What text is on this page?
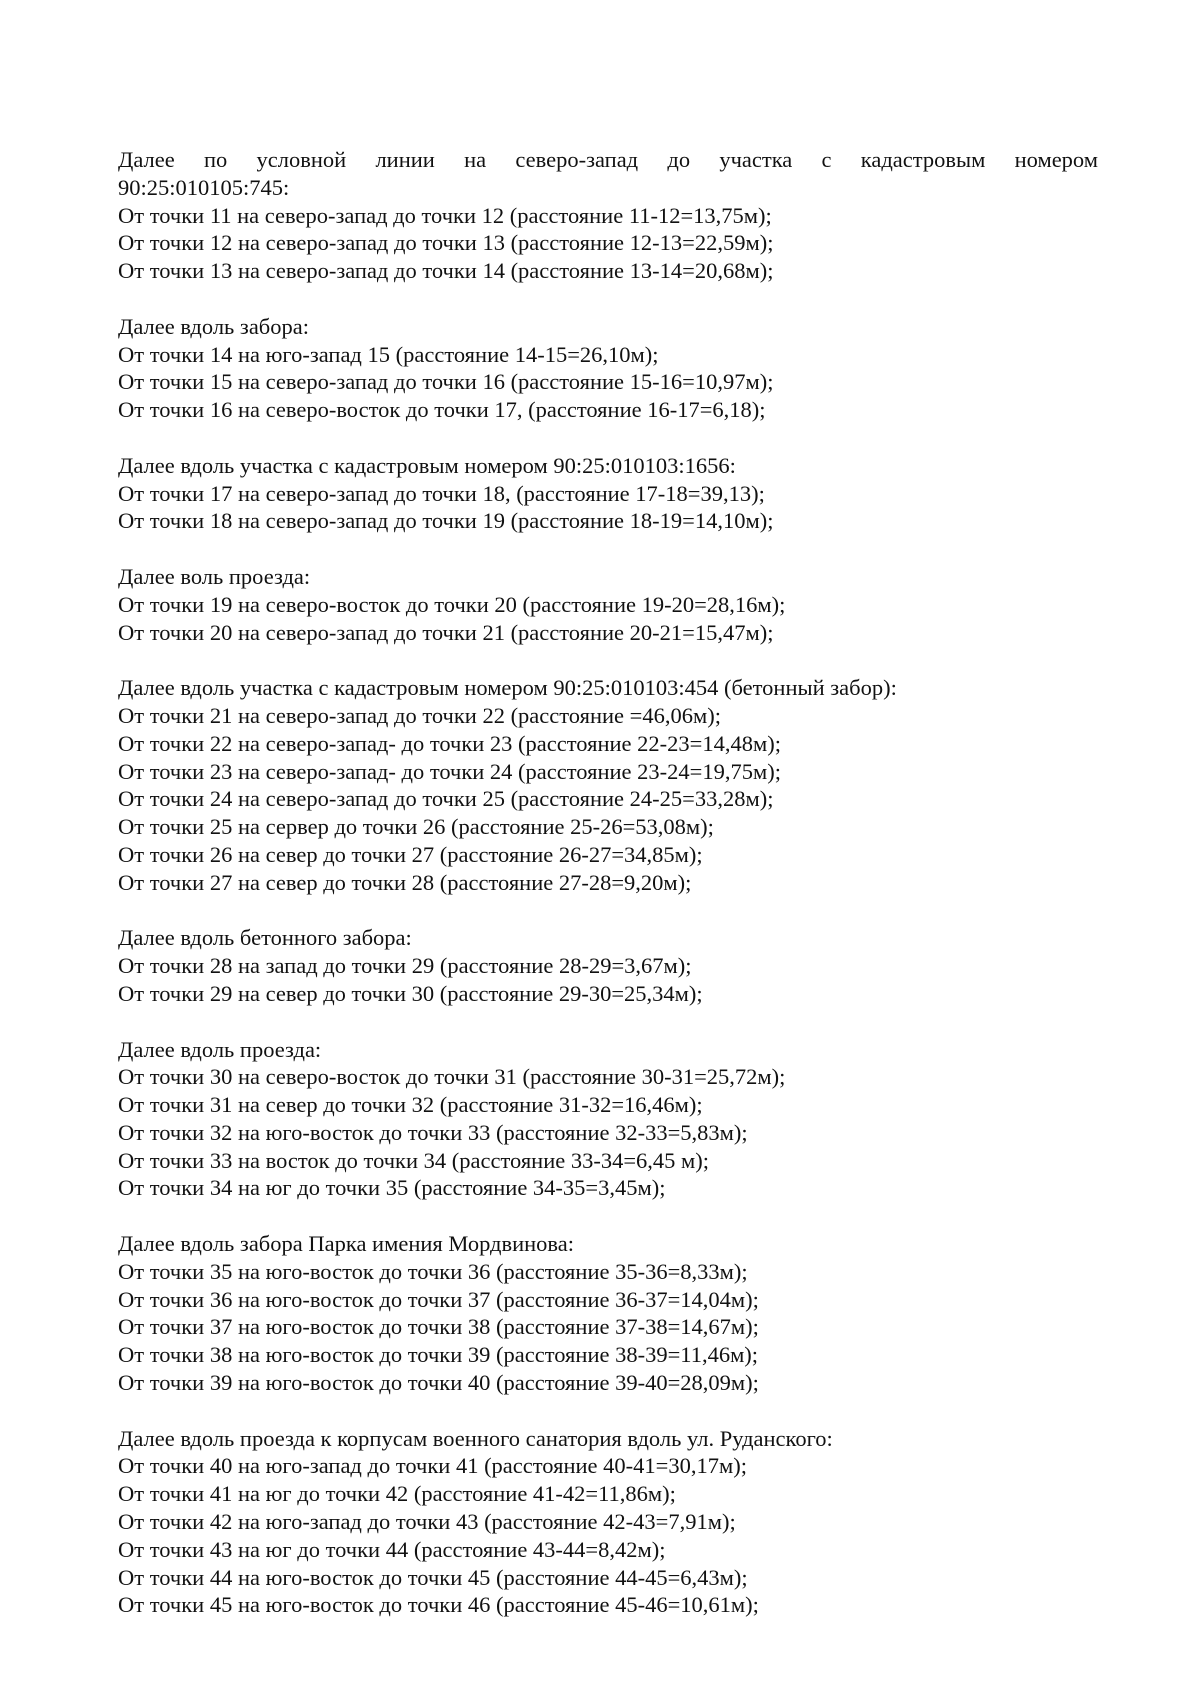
Далее по условной линии на северо-запад до участка с кадастровым номером
90:25:010105:745:
От точки 11 на северо-запад до точки 12 (расстояние 11-12=13,75м);
От точки 12 на северо-запад до точки 13 (расстояние 12-13=22,59м);
От точки 13 на северо-запад до точки 14 (расстояние 13-14=20,68м);
Далее вдоль забора:
От точки 14 на юго-запад 15 (расстояние 14-15=26,10м);
От точки 15 на северо-запад до точки 16 (расстояние 15-16=10,97м);
От точки 16 на северо-восток до точки 17, (расстояние 16-17=6,18);
Далее вдоль участка с кадастровым номером 90:25:010103:1656:
От точки 17 на северо-запад до точки 18, (расстояние 17-18=39,13);
От точки 18 на северо-запад до точки 19 (расстояние 18-19=14,10м);
Далее воль проезда:
От точки 19 на северо-восток до точки 20 (расстояние 19-20=28,16м);
От точки 20 на северо-запад до точки 21 (расстояние 20-21=15,47м);
Далее вдоль участка с кадастровым номером 90:25:010103:454 (бетонный забор):
От точки 21 на северо-запад до точки 22 (расстояние =46,06м);
От точки 22 на северо-запад- до точки 23 (расстояние 22-23=14,48м);
От точки 23 на северо-запад- до точки 24 (расстояние 23-24=19,75м);
От точки 24 на северо-запад до точки 25 (расстояние 24-25=33,28м);
От точки 25 на сервер до точки 26 (расстояние 25-26=53,08м);
От точки 26 на север до точки 27 (расстояние 26-27=34,85м);
От точки 27 на север до точки 28 (расстояние 27-28=9,20м);
Далее вдоль бетонного забора:
От точки 28 на запад до точки 29 (расстояние 28-29=3,67м);
От точки 29 на север до точки 30 (расстояние 29-30=25,34м);
Далее вдоль проезда:
От точки 30 на северо-восток до точки 31 (расстояние 30-31=25,72м);
От точки 31 на север до точки 32 (расстояние 31-32=16,46м);
От точки 32 на юго-восток до точки 33 (расстояние 32-33=5,83м);
От точки 33 на восток до точки 34 (расстояние 33-34=6,45 м);
От точки 34 на юг до точки 35 (расстояние 34-35=3,45м);
Далее вдоль забора Парка имения Мордвинова:
От точки 35 на юго-восток до точки 36 (расстояние 35-36=8,33м);
От точки 36 на юго-восток до точки 37 (расстояние 36-37=14,04м);
От точки 37 на юго-восток до точки 38 (расстояние 37-38=14,67м);
От точки 38 на юго-восток до точки 39 (расстояние 38-39=11,46м);
От точки 39 на юго-восток до точки 40 (расстояние 39-40=28,09м);
Далее вдоль проезда к корпусам военного санатория вдоль ул. Руданского:
От точки 40 на юго-запад до точки 41 (расстояние 40-41=30,17м);
От точки 41 на юг до точки 42 (расстояние 41-42=11,86м);
От точки 42 на юго-запад до точки 43 (расстояние 42-43=7,91м);
От точки 43 на юг до точки 44 (расстояние 43-44=8,42м);
От точки 44 на юго-восток до точки 45 (расстояние 44-45=6,43м);
От точки 45 на юго-восток до точки 46 (расстояние 45-46=10,61м);
